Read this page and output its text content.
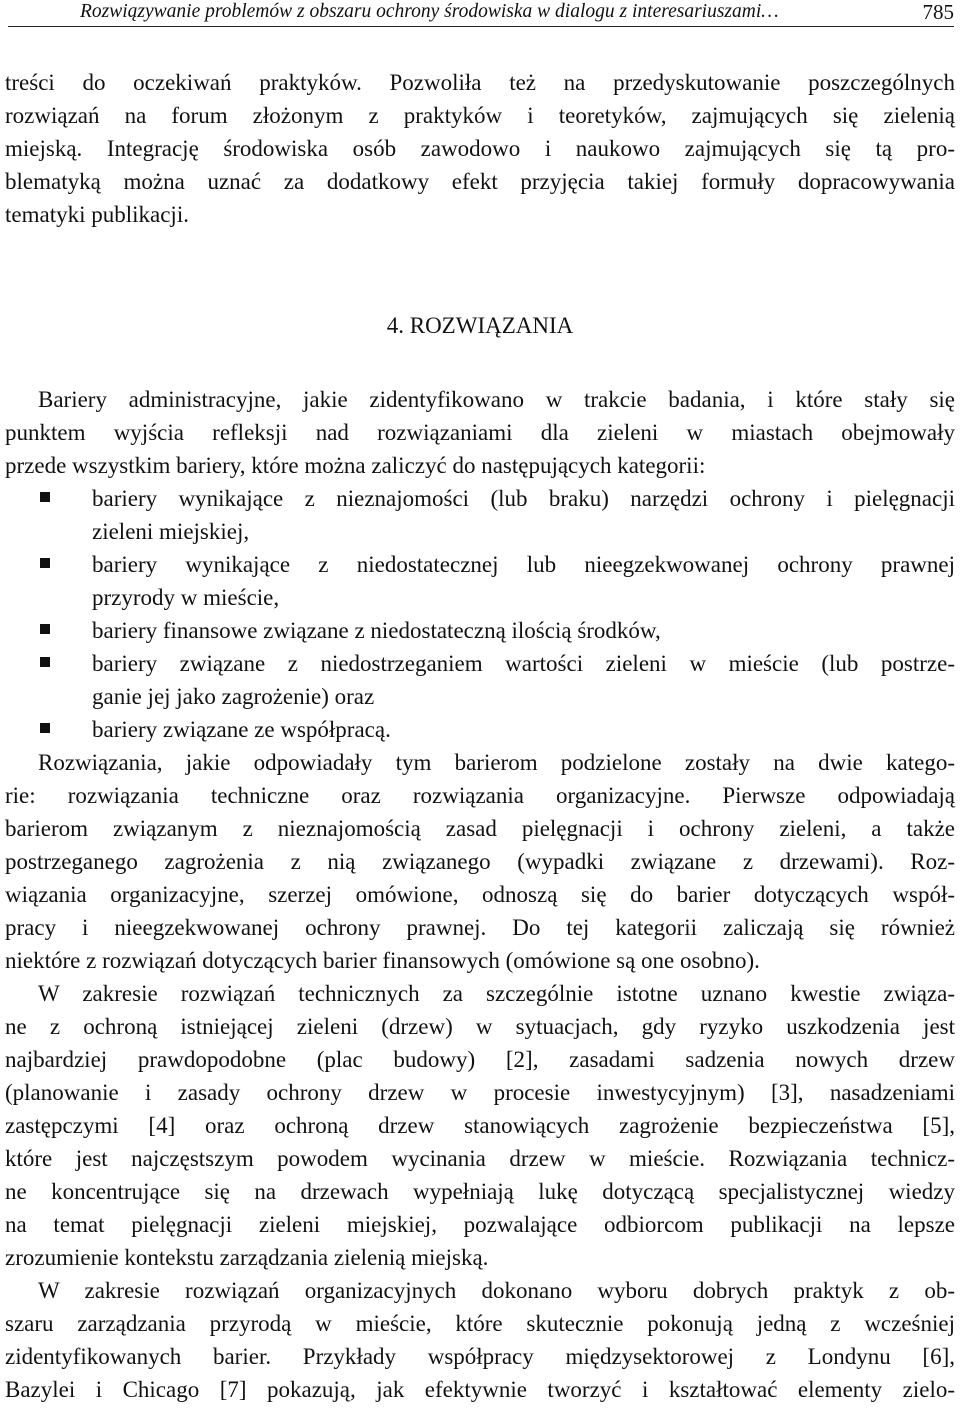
Rozwiązywanie problemów z obszaru ochrony środowiska w dialogu z interesariuszami…	785
treści do oczekiwań praktyków. Pozwoliła też na przedyskutowanie poszczególnych
rozwiązań na forum złożonym z praktyków i teoretyków, zajmujących się zielenią
miejską. Integrację środowiska osób zawodowo i naukowo zajmujących się tą pro-
blematyką można uznać za dodatkowy efekt przyjęcia takiej formuły dopracowywania
tematyki publikacji.
4. ROZWIĄZANIA
Bariery administracyjne, jakie zidentyfikowano w trakcie badania, i które stały się
punktem wyjścia refleksji nad rozwiązaniami dla zieleni w miastach obejmowały
przede wszystkim bariery, które można zaliczyć do następujących kategorii:
bariery wynikające z nieznajomości (lub braku) narzędzi ochrony i pielęgnacji
zieleni miejskiej,
bariery wynikające z niedostatecznej lub nieegzekwowanej ochrony prawnej
przyrody w mieście,
bariery finansowe związane z niedostateczną ilością środków,
bariery związane z niedostrzeganiem wartości zieleni w mieście (lub postrze-
ganie jej jako zagrożenie) oraz
bariery związane ze współpracą.
Rozwiązania, jakie odpowiadały tym barierom podzielone zostały na dwie katego-
rie: rozwiązania techniczne oraz rozwiązania organizacyjne. Pierwsze odpowiadają
barierom związanym z nieznajomością zasad pielęgnacji i ochrony zieleni, a także
postrzeganego zagrożenia z nią związanego (wypadki związane z drzewami). Roz-
wiązania organizacyjne, szerzej omówione, odnoszą się do barier dotyczących współ-
pracy i nieegzekwowanej ochrony prawnej. Do tej kategorii zaliczają się również
niektóre z rozwiązań dotyczących barier finansowych (omówione są one osobno).
W zakresie rozwiązań technicznych za szczególnie istotne uznano kwestie związa-
ne z ochroną istniejącej zieleni (drzew) w sytuacjach, gdy ryzyko uszkodzenia jest
najbardziej prawdopodobne (plac budowy) [2], zasadami sadzenia nowych drzew
(planowanie i zasady ochrony drzew w procesie inwestycyjnym) [3], nasadzeniami
zastępczymi [4] oraz ochroną drzew stanowiących zagrożenie bezpieczeństwa [5],
które jest najczęstszym powodem wycinania drzew w mieście. Rozwiązania technicz-
ne koncentrujące się na drzewach wypełniają lukę dotyczącą specjalistycznej wiedzy
na temat pielęgnacji zieleni miejskiej, pozwalające odbiorcom publikacji na lepsze
zrozumienie kontekstu zarządzania zielenią miejską.
W zakresie rozwiązań organizacyjnych dokonano wyboru dobrych praktyk z ob-
szaru zarządzania przyrodą w mieście, które skutecznie pokonują jedną z wcześniej
zidentyfikowanych barier. Przykłady współpracy międzysektorowej z Londynu [6],
Bazylei i Chicago [7] pokazują, jak efektywnie tworzyć i kształtować elementy zielo-
